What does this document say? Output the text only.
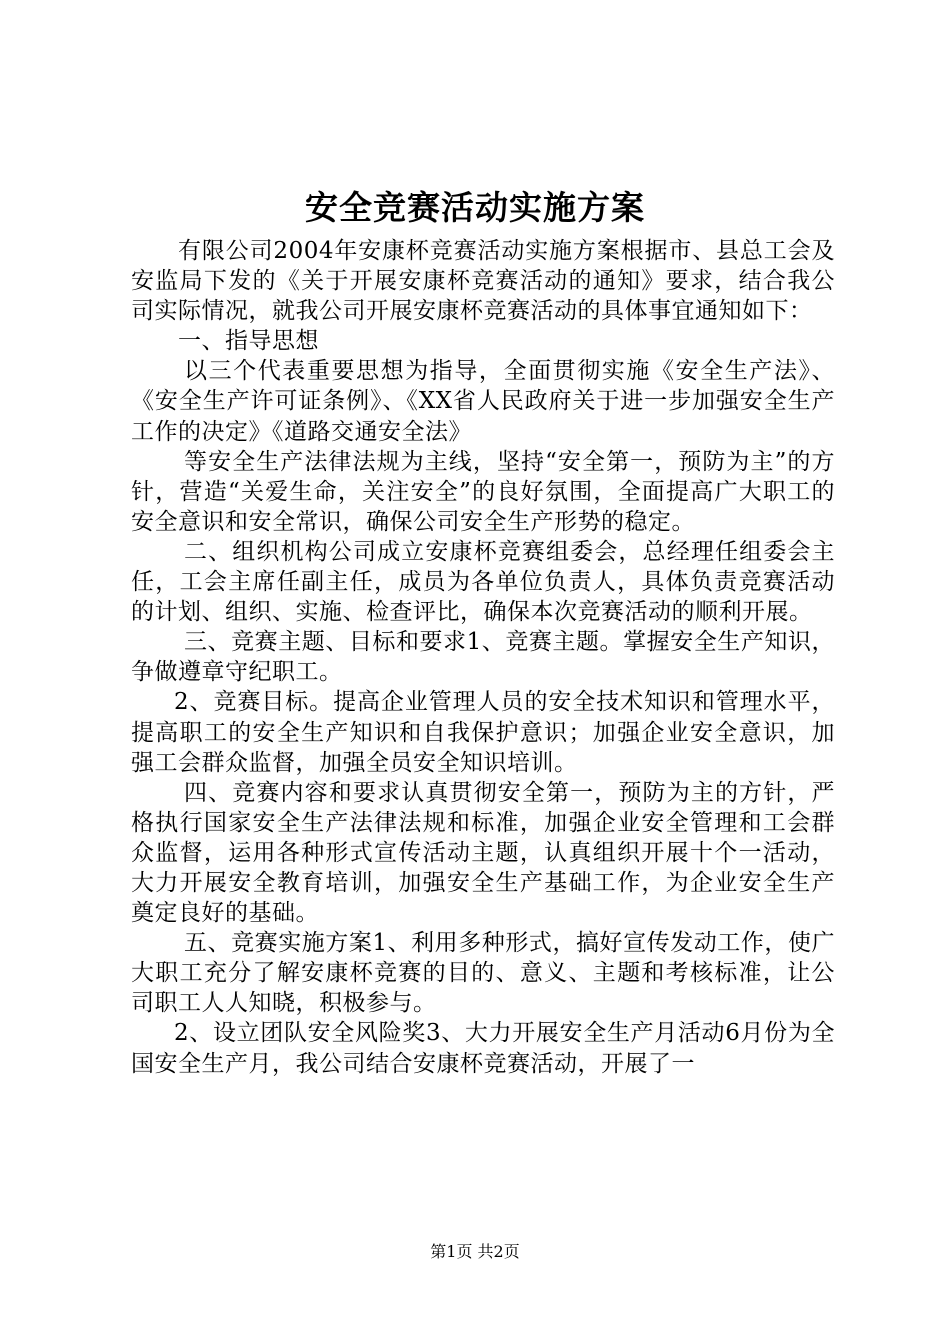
安全竞赛活动实施方案

有限公司2004年安康杯竞赛活动实施方案根据市、县总工会及安监局下发的《关于开展安康杯竞赛活动的通知》要求，结合我公司实际情况，就我公司开展安康杯竞赛活动的具体事宜通知如下：

一、指导思想

以三个代表重要思想为指导，全面贯彻实施《安全生产法》、《安全生产许可证条例》、《XX省人民政府关于进一步加强安全生产工作的决定》《道路交通安全法》

等安全生产法律法规为主线，坚持“安全第一，预防为主”的方针，营造“关爱生命，关注安全”的良好氛围，全面提高广大职工的安全意识和安全常识，确保公司安全生产形势的稳定。

二、组织机构公司成立安康杯竞赛组委会，总经理任组委会主任，工会主席任副主任，成员为各单位负责人，具体负责竞赛活动的计划、组织、实施、检查评比，确保本次竞赛活动的顺利开展。

三、竞赛主题、目标和要求1、竞赛主题。掌握安全生产知识，争做遵章守纪职工。

2、竞赛目标。提高企业管理人员的安全技术知识和管理水平，提高职工的安全生产知识和自我保护意识；加强企业安全意识，加强工会群众监督，加强全员安全知识培训。

四、竞赛内容和要求认真贯彻安全第一，预防为主的方针，严格执行国家安全生产法律法规和标准，加强企业安全管理和工会群众监督，运用各种形式宣传活动主题，认真组织开展十个一活动，大力开展安全教育培训，加强安全生产基础工作，为企业安全生产奠定良好的基础。

五、竞赛实施方案1、利用多种形式，搞好宣传发动工作，使广大职工充分了解安康杯竞赛的目的、意义、主题和考核标准，让公司职工人人知晓，积极参与。

2、设立团队安全风险奖3、大力开展安全生产月活动6月份为全国安全生产月，我公司结合安康杯竞赛活动，开展了一

第1页 共2页
